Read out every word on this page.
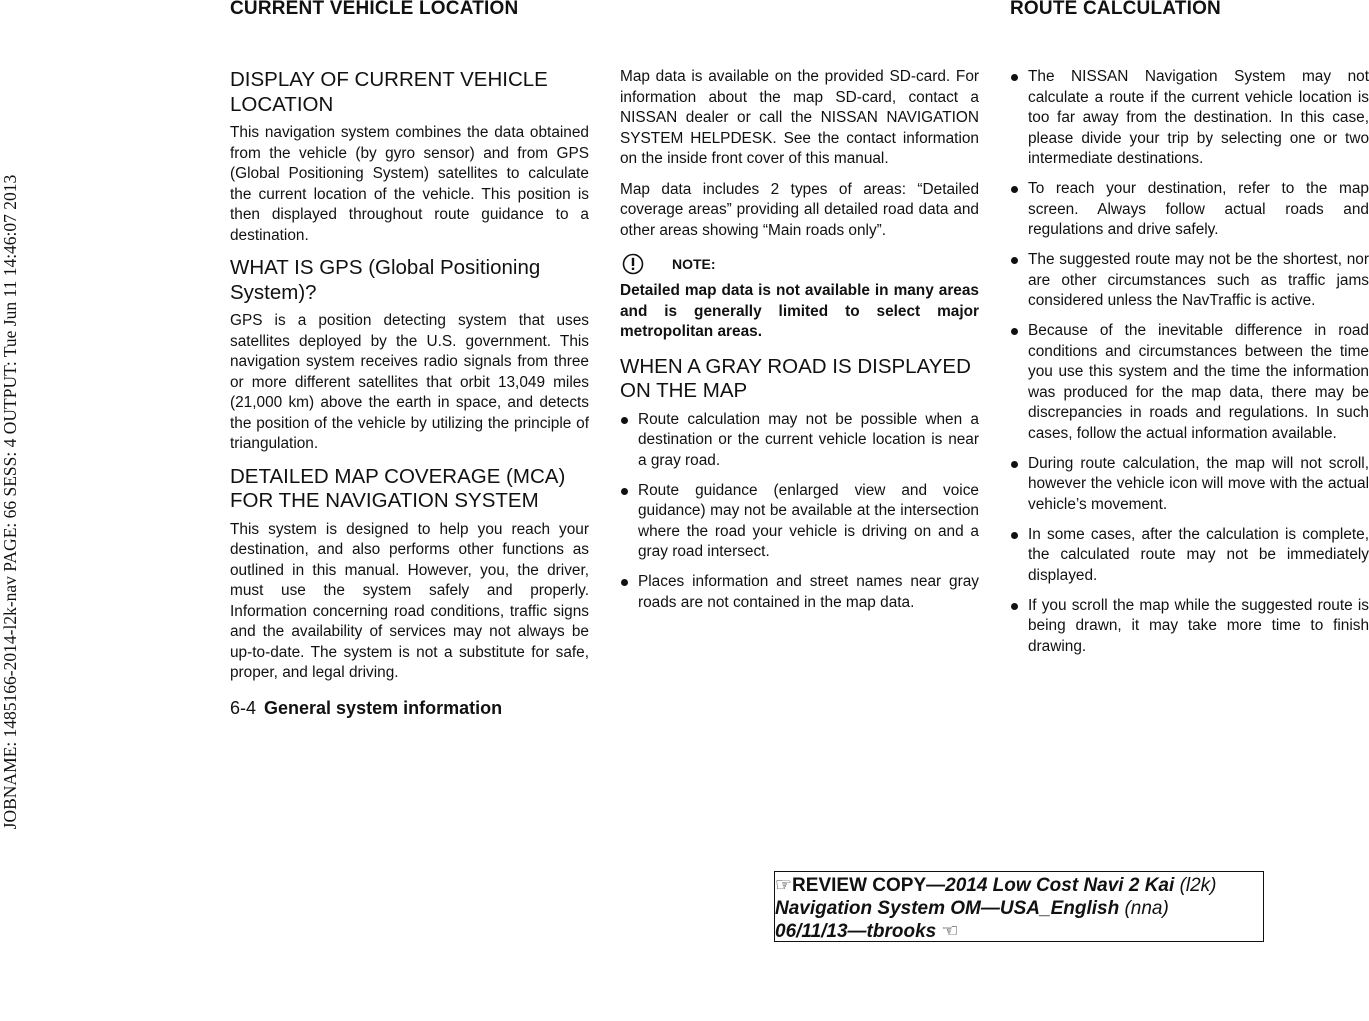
JOBNAME: 1485166-2014-l2k-nav PAGE: 66 SESS: 4 OUTPUT: Tue Jun 11 14:46:07 2013
CURRENT VEHICLE LOCATION	ROUTE CALCULATION
DISPLAY OF CURRENT VEHICLE LOCATION

This navigation system combines the data obtained from the vehicle (by gyro sensor) and from GPS (Global Positioning System) satellites to calculate the current location of the vehicle. This position is then displayed throughout route guidance to a destination.

WHAT IS GPS (Global Positioning System)?

GPS is a position detecting system that uses satellites deployed by the U.S. government. This navigation system receives radio signals from three or more different satellites that orbit 13,049 miles (21,000 km) above the earth in space, and detects the position of the vehicle by utilizing the principle of triangulation.

DETAILED MAP COVERAGE (MCA) FOR THE NAVIGATION SYSTEM

This system is designed to help you reach your destination, and also performs other functions as outlined in this manual. However, you, the driver, must use the system safely and properly. Information concerning road conditions, traffic signs and the availability of services may not always be up-to-date. The system is not a substitute for safe, proper, and legal driving.

Map data is available on the provided SD-card. For information about the map SD-card, contact a NISSAN dealer or call the NISSAN NAVIGATION SYSTEM HELPDESK. See the contact information on the inside front cover of this manual.

Map data includes 2 types of areas: “Detailed coverage areas” providing all detailed road data and other areas showing “Main roads only”.

NOTE:

Detailed map data is not available in many areas and is generally limited to select major metropolitan areas.

WHEN A GRAY ROAD IS DISPLAYED ON THE MAP
Route calculation may not be possible when a destination or the current vehicle location is near a gray road.
Route guidance (enlarged view and voice guidance) may not be available at the intersection where the road your vehicle is driving on and a gray road intersect.
Places information and street names near gray roads are not contained in the map data.
The NISSAN Navigation System may not calculate a route if the current vehicle location is too far away from the destination. In this case, please divide your trip by selecting one or two intermediate destinations.
To reach your destination, refer to the map screen. Always follow actual roads and regulations and drive safely.
The suggested route may not be the shortest, nor are other circumstances such as traffic jams considered unless the NavTraffic is active.
Because of the inevitable difference in road conditions and circumstances between the time you use this system and the time the information was produced for the map data, there may be discrepancies in roads and regulations. In such cases, follow the actual information available.
During route calculation, the map will not scroll, however the vehicle icon will move with the actual vehicle’s movement.
In some cases, after the calculation is complete, the calculated route may not be immediately displayed.
If you scroll the map while the suggested route is being drawn, it may take more time to finish drawing.
6-4 General system information
☞REVIEW COPY—2014 Low Cost Navi 2 Kai (l2k)
Navigation System OM—USA_English (nna)
06/11/13—tbrooks ☜
